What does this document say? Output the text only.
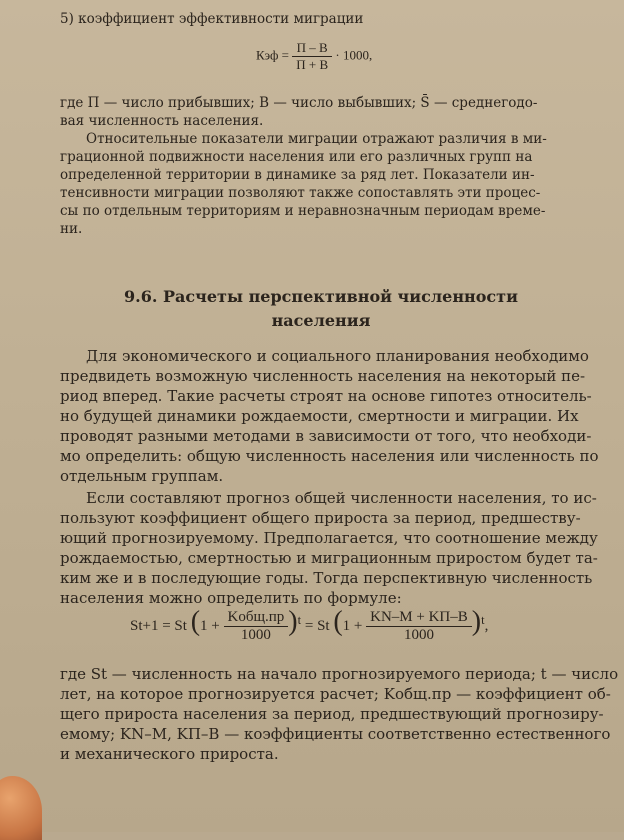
5) коэффициент эффективности миграции
Кэф = $\frac{П - В}{П + В} \cdot 1000$,
где П — число прибывших; В — число выбывших; S̄ — среднегодо-
вая численность населения.
Относительные показатели миграции отражают различия в ми-
грационной подвижности населения или его различных групп на
определенной территории в динамике за ряд лет. Показатели ин-
тенсивности миграции позволяют также сопоставлять эти процес-
сы по отдельным территориям и неравнозначным периодам време-
ни.
9.6. Расчеты перспективной численности
населения
Для экономического и социального планирования необходимо
предвидеть возможную численность населения на некоторый пе-
риод вперед. Такие расчеты строят на основе гипотез относитель-
но будущей динамики рождаемости, смертности и миграции. Их
проводят разными методами в зависимости от того, что необходи-
мо определить: общую численность населения или численность по
отдельным группам.
Если составляют прогноз общей численности населения, то ис-
пользуют коэффициент общего прироста за период, предшеству-
ющий прогнозируемому. Предполагается, что соотношение между
рождаемостью, смертностью и миграционным приростом будет та-
ким же и в последующие годы. Тогда перспективную численность
населения можно определить по формуле:
St+1 = St $(1 + \frac{\text{Kобщ.пр}}{1000} )^t = St$ $(1 + \frac{KN-M + KП-В}{1000} )^t$,
где St — численность на начало прогнозируемого периода; t — число
лет, на которое прогнозируется расчет; Kобщ.пр — коэффициент об-
щего прироста населения за период, предшествующий прогнозиру-
емому; KN–M, KП–В — коэффициенты соответственно естественного
и механического прироста.
